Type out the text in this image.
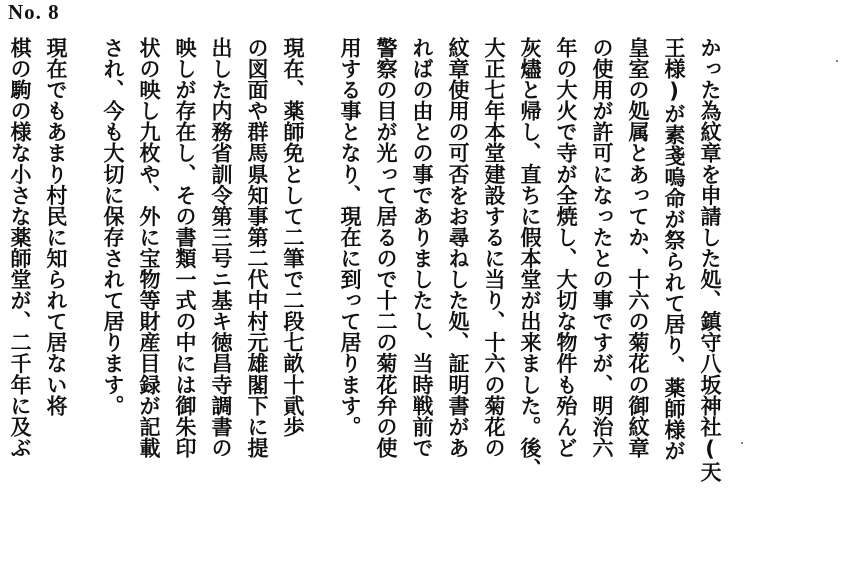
No. 8

かった為紋章を申請した処、鎮守八坂神社(天
王様)が素戔嗚命が祭られて居り、薬師様が
皇室の処属とあってか、十六の菊花の御紋章
の使用が許可になったとの事ですが、明治六
年の大火で寺が全焼し、大切な物件も殆んど
灰燼と帰し、直ちに假本堂が出来ました。後、
大正七年本堂建設するに当り、十六の菊花の
紋章使用の可否をお尋ねした処、証明書があ
ればの由との事でありましたし、当時戦前で
警察の目が光って居るので十二の菊花弁の使
用する事となり、現在に到って居ります。

現在、薬師免として二筆で二段七畝十貮歩
の図面や群馬県知事第二代中村元雄閣下に提
出した内務省訓令第三号ニ基キ徳昌寺調書の
映しが存在し、その書類一式の中には御朱印
状の映し九枚や、外に宝物等財産目録が記載
され、今も大切に保存されて居ります。

現在でもあまり村民に知られて居ない将
棋の駒の様な小さな薬師堂が、二千年に及ぶ
